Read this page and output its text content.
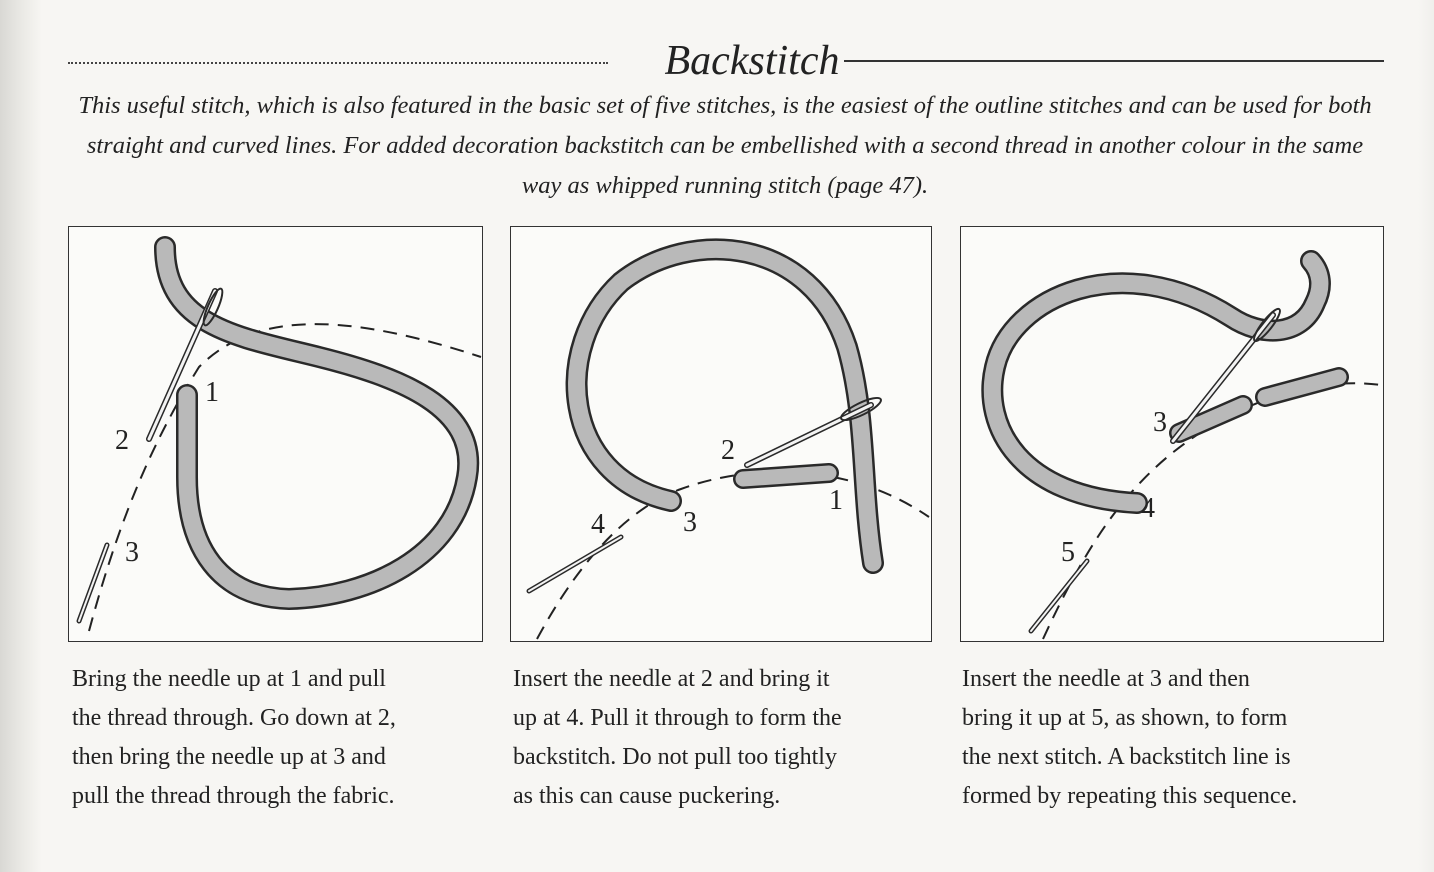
Backstitch
This useful stitch, which is also featured in the basic set of five stitches, is the easiest of the outline stitches and can be used for both straight and curved lines. For added decoration backstitch can be embellished with a second thread in another colour in the same way as whipped running stitch (page 47).
1
2
3
1
2
3
4
3
4
5
Bring the needle up at 1 and pull
the thread through. Go down at 2,
then bring the needle up at 3 and
pull the thread through the fabric.
Insert the needle at 2 and bring it
up at 4. Pull it through to form the
backstitch. Do not pull too tightly
as this can cause puckering.
Insert the needle at 3 and then
bring it up at 5, as shown, to form
the next stitch. A backstitch line is
formed by repeating this sequence.
